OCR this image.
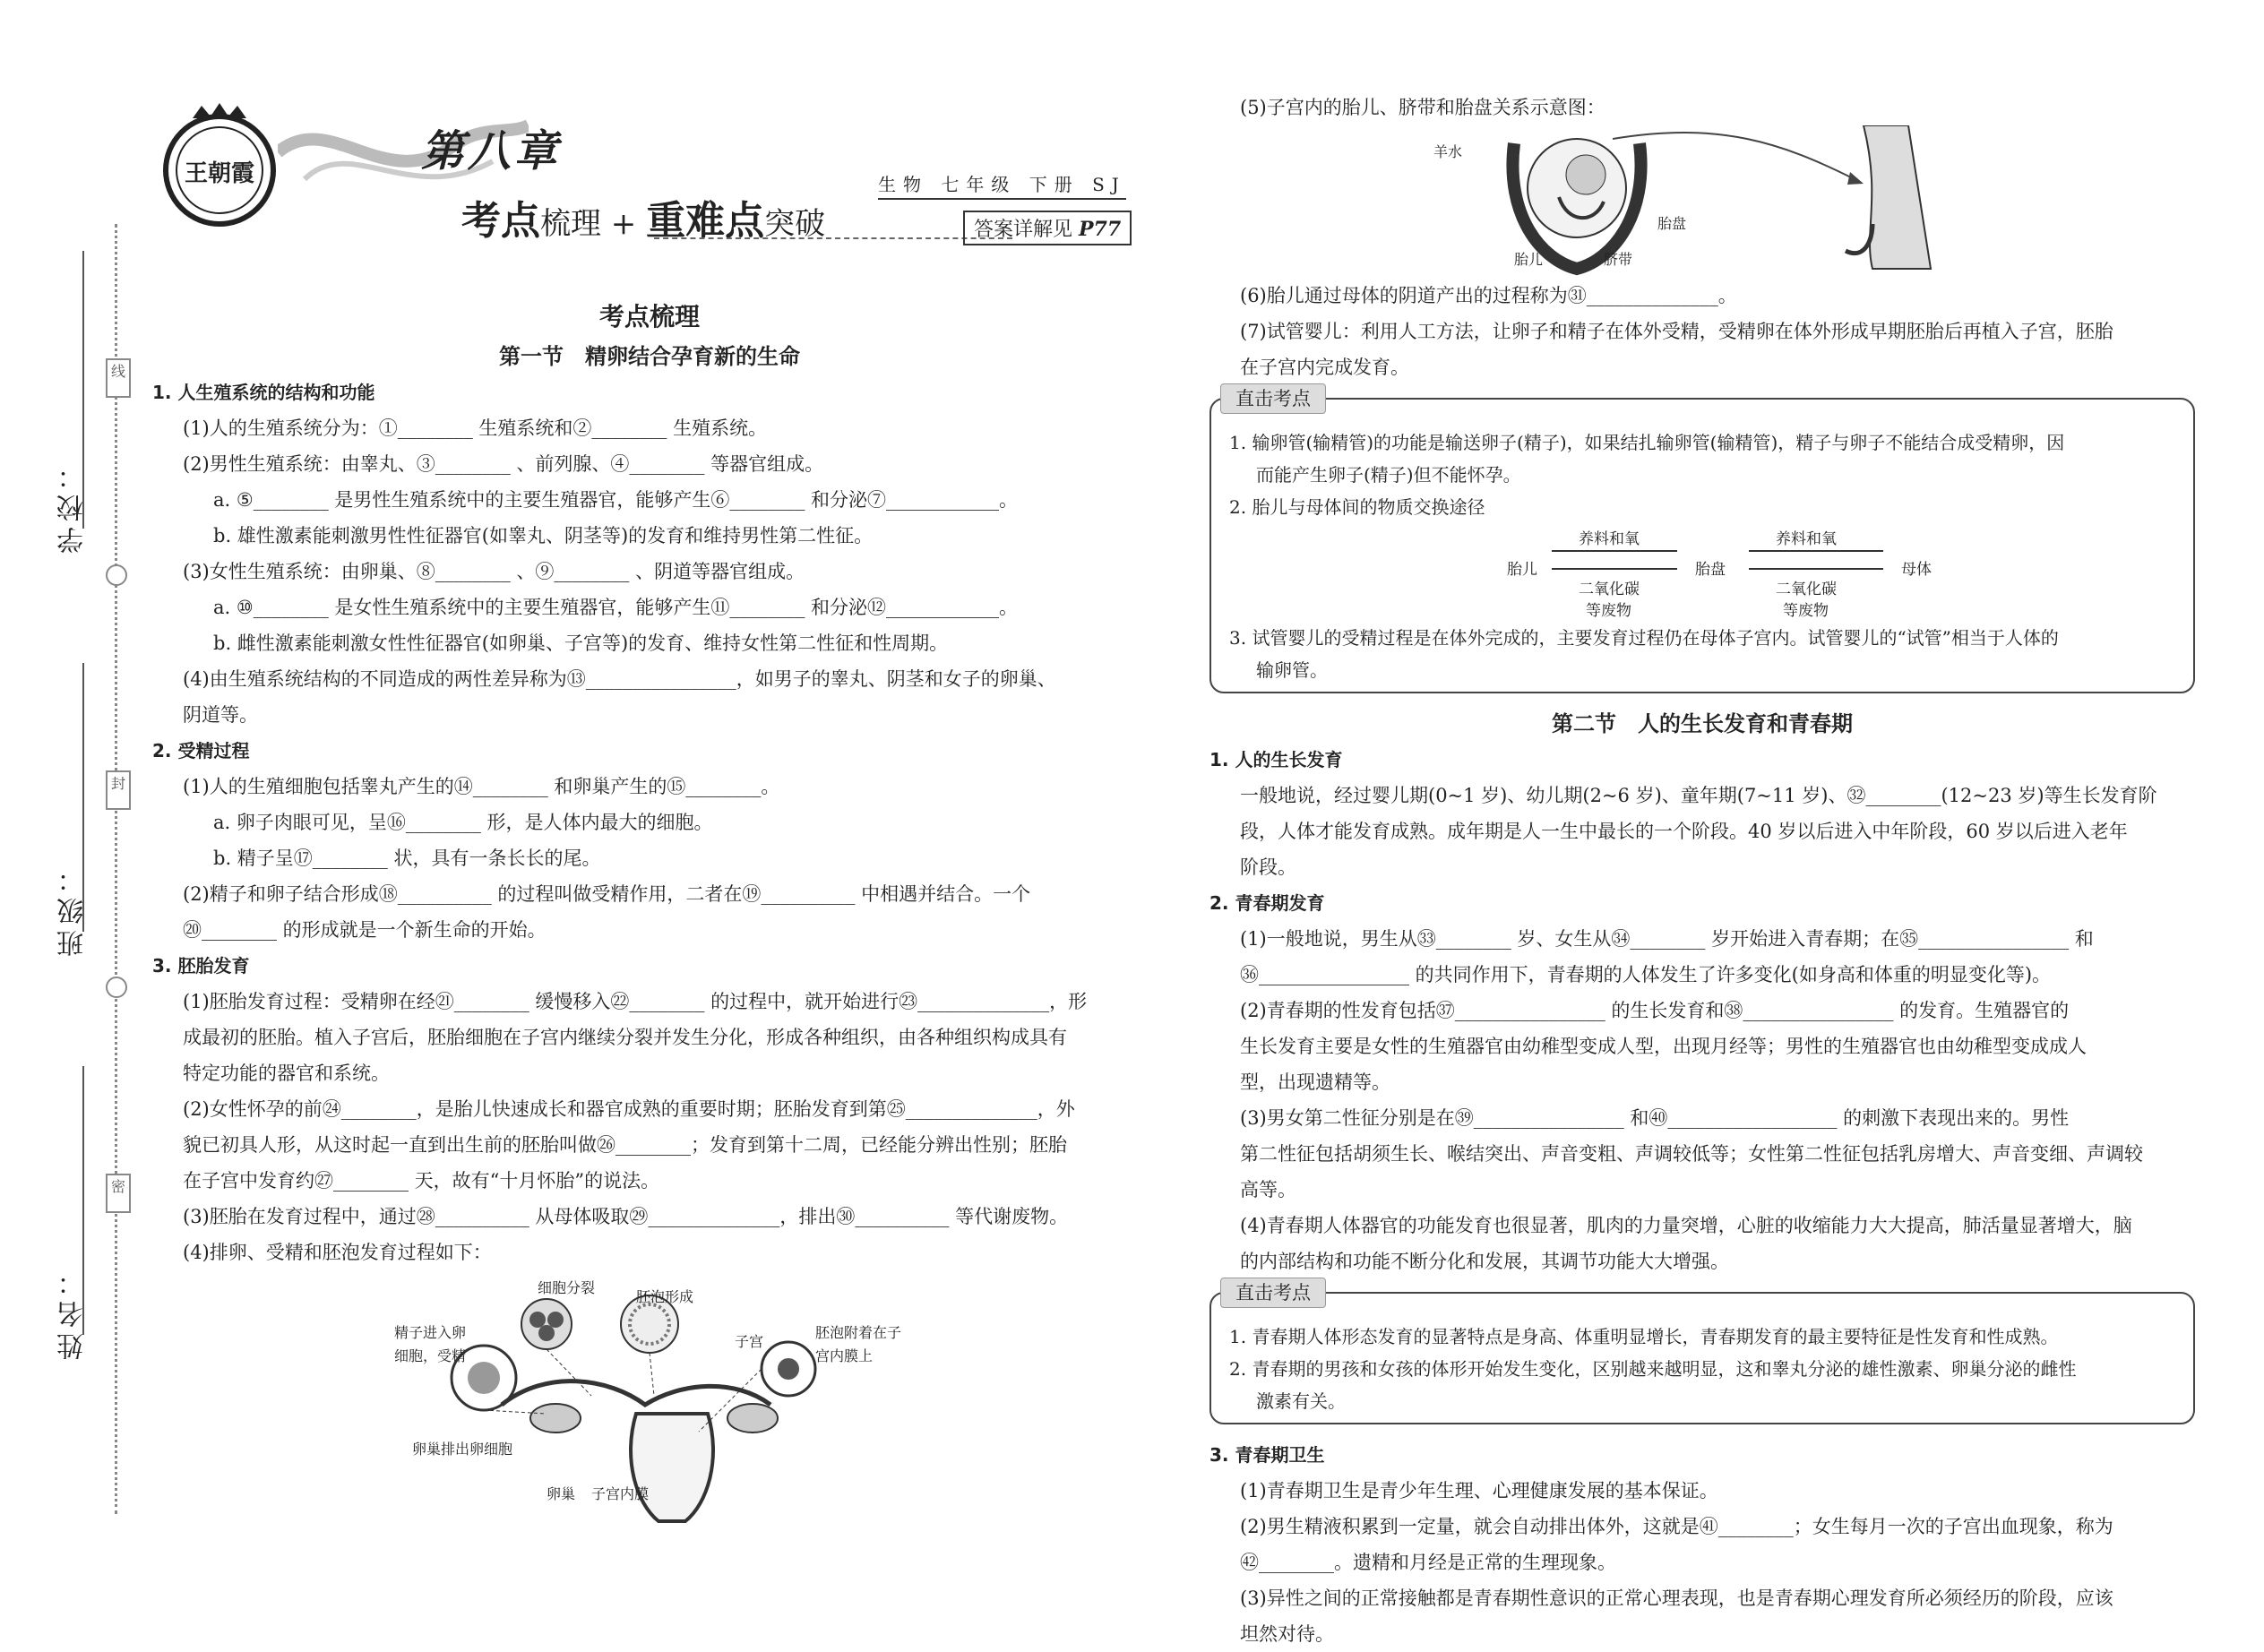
学校：
线
班级：
封
姓名：
密
王朝霞	第八章
考点梳理 + 重难点突破
生物 七年级 下册 SJ
答案详解见 P77
考点梳理
第一节　精卵结合孕育新的生命
1. 人生殖系统的结构和功能
(1)人的生殖系统分为：①________ 生殖系统和②________ 生殖系统。
(2)男性生殖系统：由睾丸、③________ 、前列腺、④________ 等器官组成。
a. ⑤________ 是男性生殖系统中的主要生殖器官，能够产生⑥________ 和分泌⑦____________。
b. 雄性激素能刺激男性性征器官(如睾丸、阴茎等)的发育和维持男性第二性征。
(3)女性生殖系统：由卵巢、⑧________ 、⑨________ 、阴道等器官组成。
a. ⑩________ 是女性生殖系统中的主要生殖器官，能够产生⑪________ 和分泌⑫____________。
b. 雌性激素能刺激女性性征器官(如卵巢、子宫等)的发育、维持女性第二性征和性周期。
(4)由生殖系统结构的不同造成的两性差异称为⑬________________，如男子的睾丸、阴茎和女子的卵巢、
阴道等。
2. 受精过程
(1)人的生殖细胞包括睾丸产生的⑭________ 和卵巢产生的⑮________。
a. 卵子肉眼可见，呈⑯________ 形，是人体内最大的细胞。
b. 精子呈⑰________ 状，具有一条长长的尾。
(2)精子和卵子结合形成⑱__________ 的过程叫做受精作用，二者在⑲__________ 中相遇并结合。一个
⑳________ 的形成就是一个新生命的开始。
3. 胚胎发育
(1)胚胎发育过程：受精卵在经㉑________ 缓慢移入㉒________ 的过程中，就开始进行㉓______________，形
成最初的胚胎。植入子宫后，胚胎细胞在子宫内继续分裂并发生分化，形成各种组织，由各种组织构成具有
特定功能的器官和系统。
(2)女性怀孕的前㉔________，是胎儿快速成长和器官成熟的重要时期；胚胎发育到第㉕______________，外
貌已初具人形，从这时起一直到出生前的胚胎叫做㉖________；发育到第十二周，已经能分辨出性别；胚胎
在子宫中发育约㉗________ 天，故有“十月怀胎”的说法。
(3)胚胎在发育过程中，通过㉘__________ 从母体吸取㉙______________，排出㉚__________ 等代谢废物。
(4)排卵、受精和胚泡发育过程如下：
细胞分裂
胚泡形成
精子进入卵
细胞，受精
子宫
胚泡附着在子
宫内膜上
卵巢排出卵细胞
卵巢 子宫内膜
(5)子宫内的胎儿、脐带和胎盘关系示意图：
羊水
胎盘
胎儿	脐带
(6)胎儿通过母体的阴道产出的过程称为㉛______________。
(7)试管婴儿：利用人工方法，让卵子和精子在体外受精，受精卵在体外形成早期胚胎后再植入子宫，胚胎
在子宫内完成发育。
直击考点
1. 输卵管(输精管)的功能是输送卵子(精子)，如果结扎输卵管(输精管)，精子与卵子不能结合成受精卵，因
而能产生卵子(精子)但不能怀孕。
2. 胎儿与母体间的物质交换途径
胎儿	胎盘	母体
养料和氧	养料和氧
二氧化碳
等废物
二氧化碳
等废物
3. 试管婴儿的受精过程是在体外完成的，主要发育过程仍在母体子宫内。试管婴儿的“试管”相当于人体的
输卵管。
第二节　人的生长发育和青春期
1. 人的生长发育
一般地说，经过婴儿期(0~1 岁)、幼儿期(2~6 岁)、童年期(7~11 岁)、㉜________(12~23 岁)等生长发育阶
段，人体才能发育成熟。成年期是人一生中最长的一个阶段。40 岁以后进入中年阶段，60 岁以后进入老年
阶段。
2. 青春期发育
(1)一般地说，男生从㉝________ 岁、女生从㉞________ 岁开始进入青春期；在㉟________________ 和
㊱________________ 的共同作用下，青春期的人体发生了许多变化(如身高和体重的明显变化等)。
(2)青春期的性发育包括㊲________________ 的生长发育和㊳________________ 的发育。生殖器官的
生长发育主要是女性的生殖器官由幼稚型变成人型，出现月经等；男性的生殖器官也由幼稚型变成成人
型，出现遗精等。
(3)男女第二性征分别是在㊴________________ 和㊵__________________ 的刺激下表现出来的。男性
第二性征包括胡须生长、喉结突出、声音变粗、声调较低等；女性第二性征包括乳房增大、声音变细、声调较
高等。
(4)青春期人体器官的功能发育也很显著，肌肉的力量突增，心脏的收缩能力大大提高，肺活量显著增大，脑
的内部结构和功能不断分化和发展，其调节功能大大增强。
直击考点
1. 青春期人体形态发育的显著特点是身高、体重明显增长，青春期发育的最主要特征是性发育和性成熟。
2. 青春期的男孩和女孩的体形开始发生变化，区别越来越明显，这和睾丸分泌的雄性激素、卵巢分泌的雌性
激素有关。
3. 青春期卫生
(1)青春期卫生是青少年生理、心理健康发展的基本保证。
(2)男生精液积累到一定量，就会自动排出体外，这就是㊶________；女生每月一次的子宫出血现象，称为
㊷________。遗精和月经是正常的生理现象。
(3)异性之间的正常接触都是青春期性意识的正常心理表现，也是青春期心理发育所必须经历的阶段，应该
坦然对待。
